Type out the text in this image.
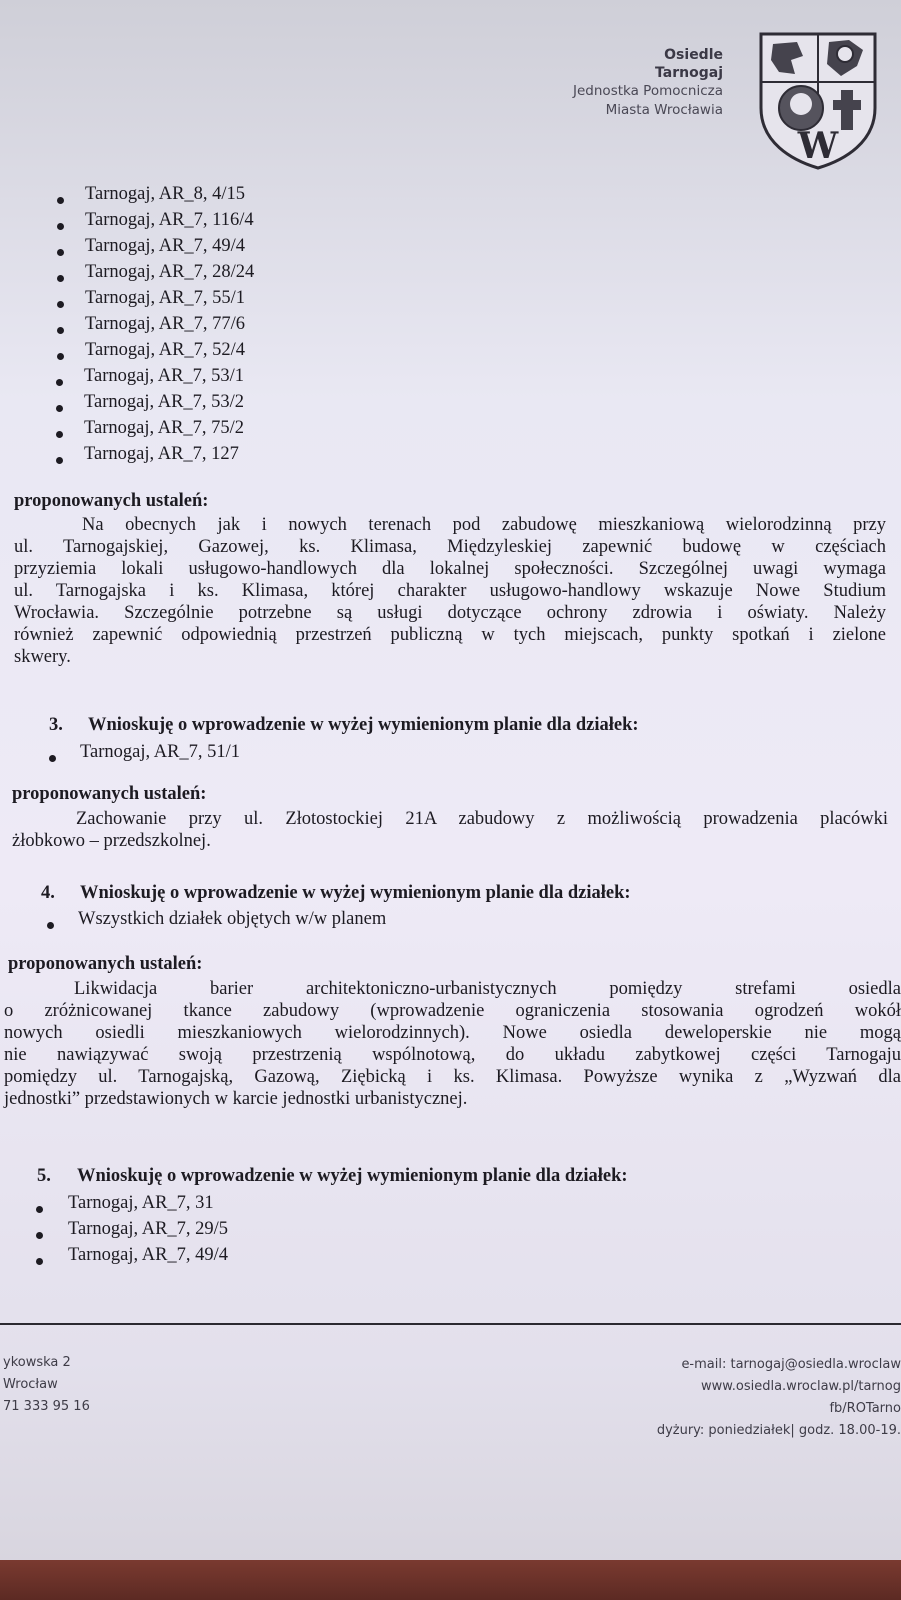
Osiedle
Tarnogaj
Jednostka Pomocnicza
Miasta Wrocławia
W
Tarnogaj, AR_8, 4/15
Tarnogaj, AR_7, 116/4
Tarnogaj, AR_7, 49/4
Tarnogaj, AR_7, 28/24
Tarnogaj, AR_7, 55/1
Tarnogaj, AR_7, 77/6
Tarnogaj, AR_7, 52/4
Tarnogaj, AR_7, 53/1
Tarnogaj, AR_7, 53/2
Tarnogaj, AR_7, 75/2
Tarnogaj, AR_7, 127
proponowanych ustaleń:
Na obecnych jak i nowych terenach pod zabudowę mieszkaniową wielorodzinną przy
ul. Tarnogajskiej, Gazowej, ks. Klimasa, Międzyleskiej zapewnić budowę w częściach
przyziemia lokali usługowo-handlowych dla lokalnej społeczności. Szczególnej uwagi wymaga
ul. Tarnogajska i ks. Klimasa, której charakter usługowo-handlowy wskazuje Nowe Studium
Wrocławia. Szczególnie potrzebne są usługi dotyczące ochrony zdrowia i oświaty. Należy
również zapewnić odpowiednią przestrzeń publiczną w tych miejscach, punkty spotkań i zielone
skwery.
3. Wnioskuję o wprowadzenie w wyżej wymienionym planie dla działek:
Tarnogaj, AR_7, 51/1
proponowanych ustaleń:
Zachowanie przy ul. Złotostockiej 21A zabudowy z możliwością prowadzenia placówki
żłobkowo – przedszkolnej.
4. Wnioskuję o wprowadzenie w wyżej wymienionym planie dla działek:
Wszystkich działek objętych w/w planem
proponowanych ustaleń:
Likwidacja barier architektoniczno-urbanistycznych pomiędzy strefami osiedla
o zróżnicowanej tkance zabudowy (wprowadzenie ograniczenia stosowania ogrodzeń wokół
nowych osiedli mieszkaniowych wielorodzinnych). Nowe osiedla deweloperskie nie mogą
nie nawiązywać swoją przestrzenią wspólnotową, do układu zabytkowej części Tarnogaju
pomiędzy ul. Tarnogajską, Gazową, Ziębicką i ks. Klimasa. Powyższe wynika z „Wyzwań dla
jednostki” przedstawionych w karcie jednostki urbanistycznej.
5. Wnioskuję o wprowadzenie w wyżej wymienionym planie dla działek:
Tarnogaj, AR_7, 31
Tarnogaj, AR_7, 29/5
Tarnogaj, AR_7, 49/4
ykowska 2
Wrocław
71 333 95 16
e-mail: tarnogaj@osiedla.wroclaw
www.osiedla.wroclaw.pl/tarnog
fb/ROTarno
dyżury: poniedziałek| godz. 18.00-19.
